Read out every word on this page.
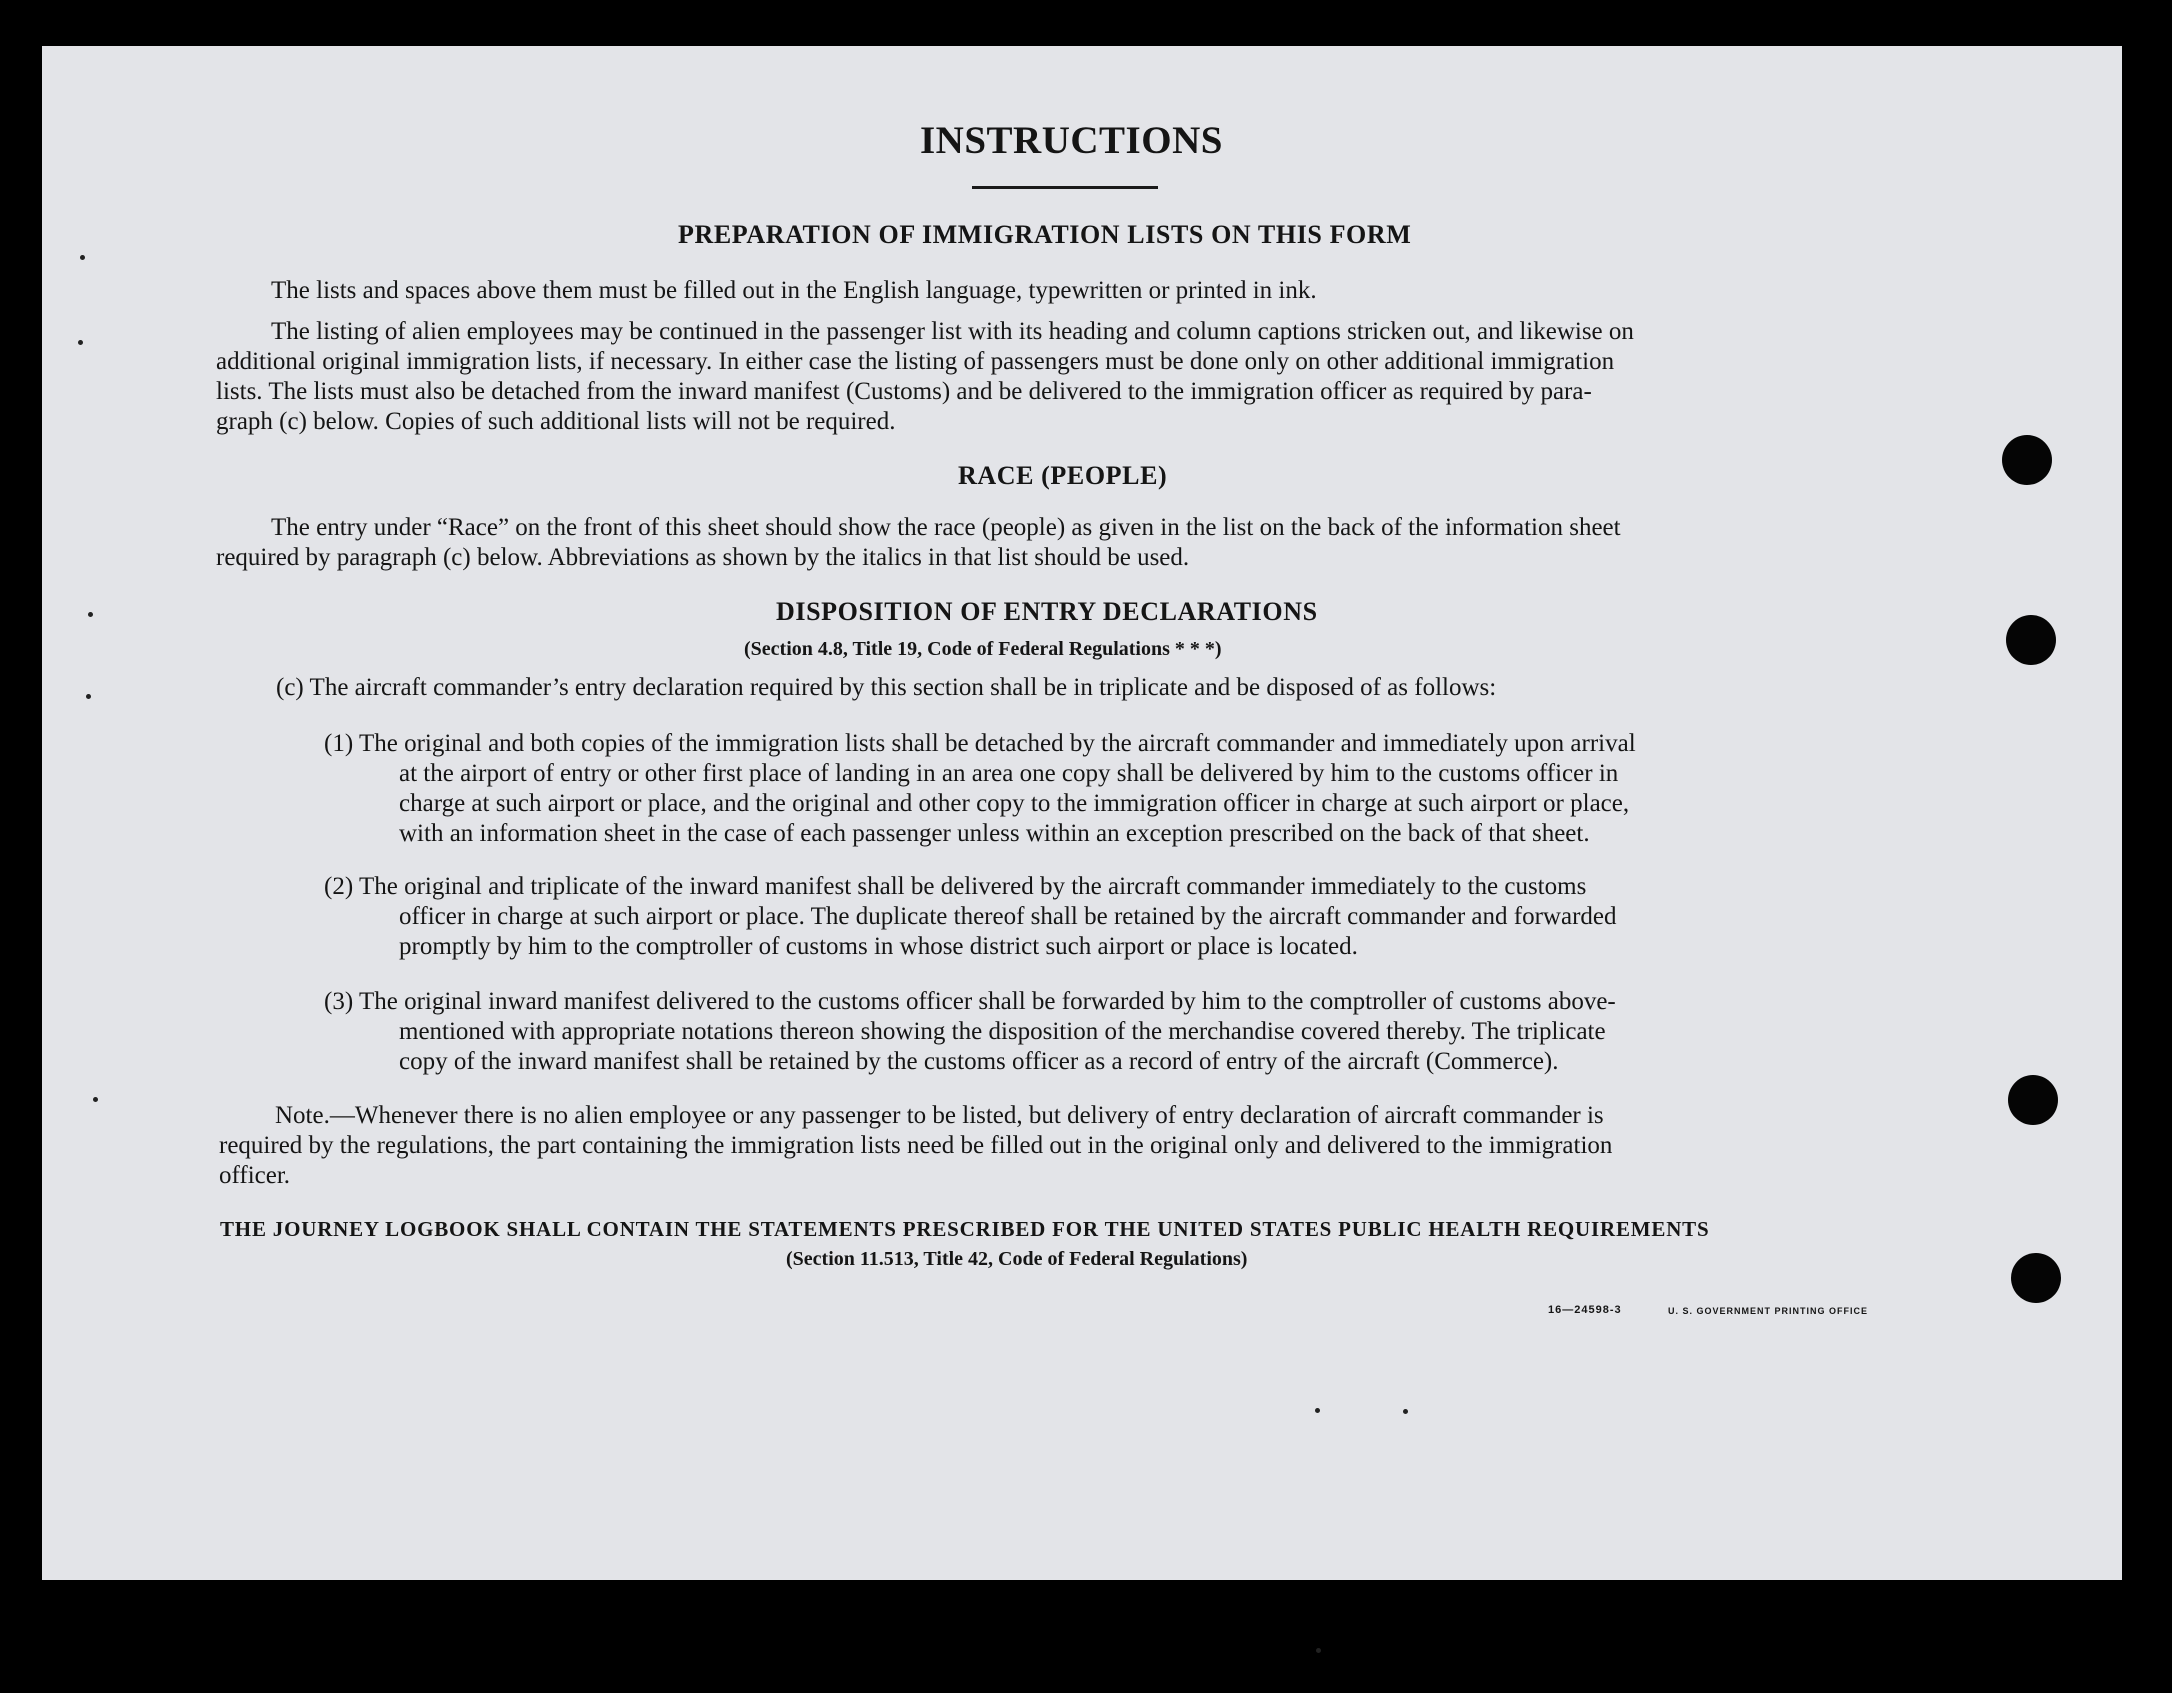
INSTRUCTIONS
PREPARATION OF IMMIGRATION LISTS ON THIS FORM
The lists and spaces above them must be filled out in the English language, typewritten or printed in ink.
The listing of alien employees may be continued in the passenger list with its heading and column captions stricken out, and likewise on
additional original immigration lists, if necessary. In either case the listing of passengers must be done only on other additional immigration
lists. The lists must also be detached from the inward manifest (Customs) and be delivered to the immigration officer as required by para-
graph (c) below. Copies of such additional lists will not be required.
RACE (PEOPLE)
The entry under “Race” on the front of this sheet should show the race (people) as given in the list on the back of the information sheet
required by paragraph (c) below. Abbreviations as shown by the italics in that list should be used.
DISPOSITION OF ENTRY DECLARATIONS
(Section 4.8, Title 19, Code of Federal Regulations * * *)
(c) The aircraft commander’s entry declaration required by this section shall be in triplicate and be disposed of as follows:
(1) The original and both copies of the immigration lists shall be detached by the aircraft commander and immediately upon arrival
at the airport of entry or other first place of landing in an area one copy shall be delivered by him to the customs officer in
charge at such airport or place, and the original and other copy to the immigration officer in charge at such airport or place,
with an information sheet in the case of each passenger unless within an exception prescribed on the back of that sheet.
(2) The original and triplicate of the inward manifest shall be delivered by the aircraft commander immediately to the customs
officer in charge at such airport or place. The duplicate thereof shall be retained by the aircraft commander and forwarded
promptly by him to the comptroller of customs in whose district such airport or place is located.
(3) The original inward manifest delivered to the customs officer shall be forwarded by him to the comptroller of customs above-
mentioned with appropriate notations thereon showing the disposition of the merchandise covered thereby. The triplicate
copy of the inward manifest shall be retained by the customs officer as a record of entry of the aircraft (Commerce).
Note.—Whenever there is no alien employee or any passenger to be listed, but delivery of entry declaration of aircraft commander is
required by the regulations, the part containing the immigration lists need be filled out in the original only and delivered to the immigration
officer.
THE JOURNEY LOGBOOK SHALL CONTAIN THE STATEMENTS PRESCRIBED FOR THE UNITED STATES PUBLIC HEALTH REQUIREMENTS
(Section 11.513, Title 42, Code of Federal Regulations)
16—24598-3	U. S. GOVERNMENT PRINTING OFFICE
